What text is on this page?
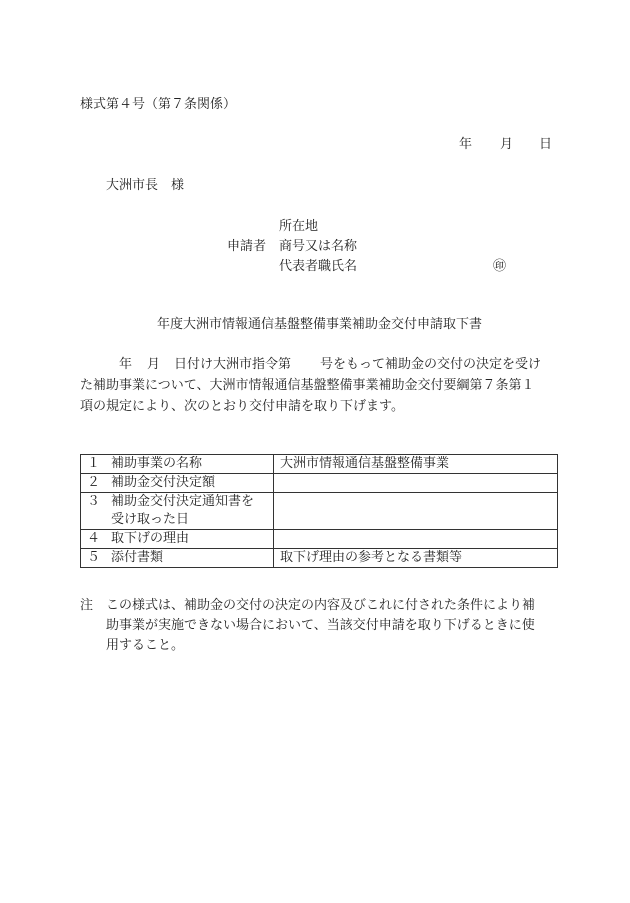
様式第４号（第７条関係）
年 月 日
大洲市長　様
所在地
申請者 商号又は名称
代表者職氏名	㊞
年度大洲市情報通信基盤整備事業補助金交付申請取下書
年 月 日付け大洲市指令第 号をもって補助金の交付の決定を受け
た補助事業について、大洲市情報通信基盤整備事業補助金交付要綱第７条第１
項の規定により、次のとおり交付申請を取り下げます。
１ 補助事業の名称	大洲市情報通信基盤整備事業
２ 補助金交付決定額	

３ 補助金交付決定通知書を
受け取った日	

４ 取下げの理由	
５ 添付書類	取下げ理由の参考となる書類等
注 この様式は、補助金の交付の決定の内容及びこれに付された条件により補
助事業が実施できない場合において、当該交付申請を取り下げるときに使
用すること。
